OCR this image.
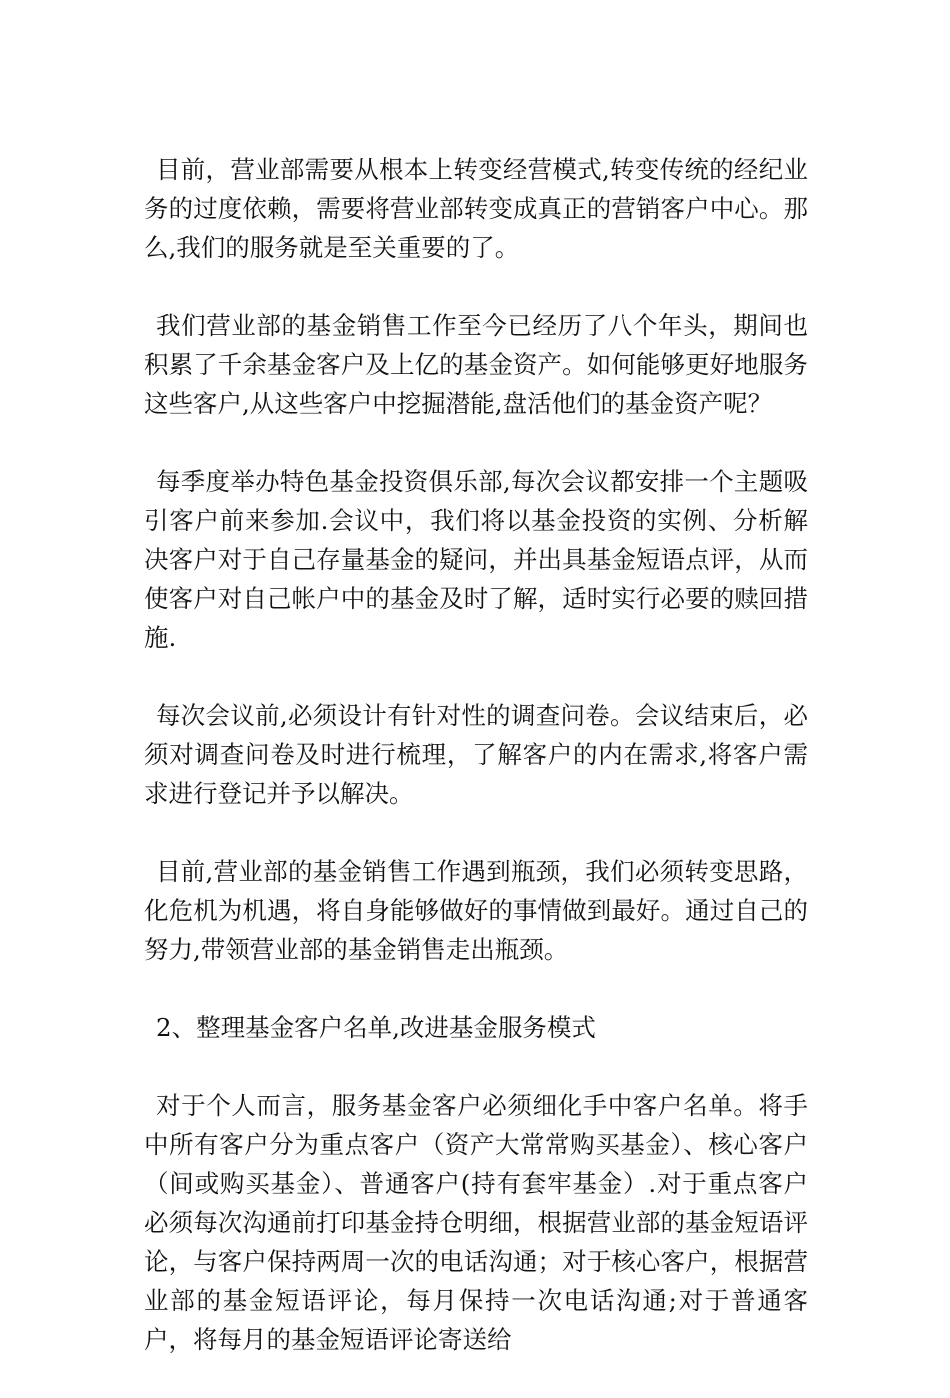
目前，营业部需要从根本上转变经营模式,转变传统的经纪业务的过度依赖，需要将营业部转变成真正的营销客户中心。那么,我们的服务就是至关重要的了。

我们营业部的基金销售工作至今已经历了八个年头，期间也积累了千余基金客户及上亿的基金资产。如何能够更好地服务这些客户,从这些客户中挖掘潜能,盘活他们的基金资产呢？

每季度举办特色基金投资俱乐部,每次会议都安排一个主题吸引客户前来参加.会议中，我们将以基金投资的实例、分析解决客户对于自己存量基金的疑问，并出具基金短语点评，从而使客户对自己帐户中的基金及时了解，适时实行必要的赎回措施.

每次会议前,必须设计有针对性的调查问卷。会议结束后，必须对调查问卷及时进行梳理，了解客户的内在需求,将客户需求进行登记并予以解决。

目前,营业部的基金销售工作遇到瓶颈，我们必须转变思路，化危机为机遇，将自身能够做好的事情做到最好。通过自己的努力,带领营业部的基金销售走出瓶颈。

2、整理基金客户名单,改进基金服务模式

对于个人而言，服务基金客户必须细化手中客户名单。将手中所有客户分为重点客户（资产大常常购买基金）、核心客户（间或购买基金）、普通客户(持有套牢基金）.对于重点客户必须每次沟通前打印基金持仓明细，根据营业部的基金短语评论，与客户保持两周一次的电话沟通；对于核心客户，根据营业部的基金短语评论，每月保持一次电话沟通;对于普通客户，将每月的基金短语评论寄送给
